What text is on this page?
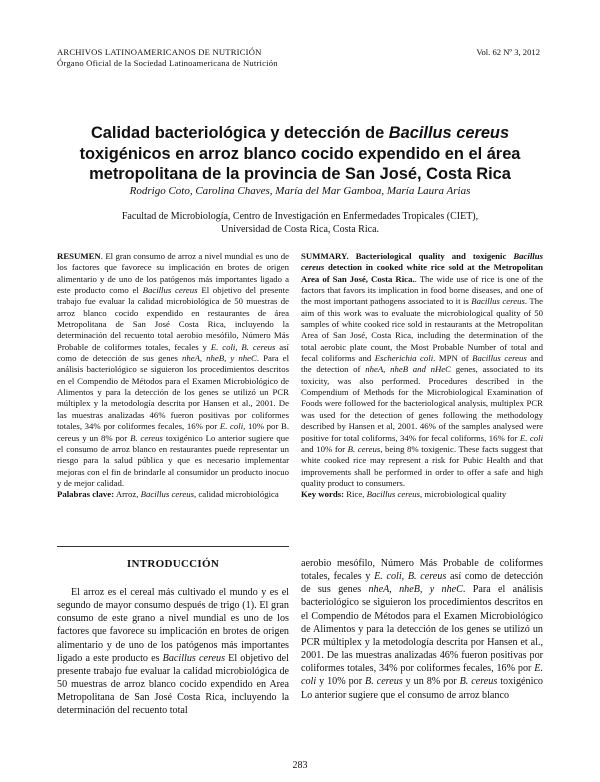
ARCHIVOS LATINOAMERICANOS DE NUTRICIÓN
Órgano Oficial de la Sociedad Latinoamericana de Nutrición
Vol. 62 Nº 3, 2012
Calidad bacteriológica y detección de Bacillus cereus
toxigénicos en arroz blanco cocido expendido en el área metropolitana de la provincia de San José, Costa Rica
Rodrigo Coto, Carolina Chaves, María del Mar Gamboa, María Laura Arias
Facultad de Microbiología, Centro de Investigación en Enfermedades Tropicales (CIET),
Universidad de Costa Rica, Costa Rica.

RESUMEN. El gran consumo de arroz a nivel mundial es uno de los factores que favorece su implicación en brotes de origen alimentario y de uno de los patógenos más importantes ligado a este producto como el Bacillus cereus El objetivo del presente trabajo fue evaluar la calidad microbiológica de 50 muestras de arroz blanco cocido expendido en restaurantes de área Metropolitana de San José Costa Rica, incluyendo la determinación del recuento total aerobio mesófilo, Número Más Probable de coliformes totales, fecales y E. coli, B. cereus así como de detección de sus genes nheA, nheB, y nheC. Para el análisis bacteriológico se siguieron los procedimientos descritos en el Compendio de Métodos para el Examen Microbiológico de Alimentos y para la detección de los genes se utilizó un PCR múltiplex y la metodología descrita por Hansen et al., 2001. De las muestras analizadas 46% fueron positivas por coliformes totales, 34% por coliformes fecales, 16% por E. coli, 10% por B. cereus y un 8% por B. cereus toxigénico Lo anterior sugiere que el consumo de arroz blanco en restaurantes puede representar un riesgo para la salud pública y que es necesario implementar mejoras con el fin de brindarle al consumidor un producto inocuo y de mejor calidad.

Palabras clave: Arroz, Bacillus cereus, calidad microbiológica

SUMMARY. Bacteriological quality and toxigenic Bacillus cereus detection in cooked white rice sold at the Metropolitan Area of San José, Costa Rica.. The wide use of rice is one of the factors that favors its implication in food borne diseases, and one of the most important pathogens associated to it is Bacillus cereus. The aim of this work was to evaluate the microbiological quality of 50 samples of white cooked rice sold in restaurants at the Metropolitan Area of San José, Costa Rica, including the determination of the total aerobic plate count, the Most Probable Number of total and fecal coliforms and Escherichia coli. MPN of Bacillus cereus and the detection of nheA, nheB and nHeC genes, associated to its toxicity, was also performed. Procedures described in the Compendium of Methods for the Microbiological Examination of Foods were followed for the bacteriological analysis, multiplex PCR was used for the detection of genes following the methodology described by Hansen et al, 2001. 46% of the samples analysed were positive for total coliforms, 34% for fecal coliforms, 16% for E. coli and 10% for B. cereus, being 8% toxigenic. These facts suggest that white cooked rice may represent a risk for Pubic Health and that improvements shall be performed in order to offer a safe and high quality product to consumers.

Key words: Rice, Bacillus cereus, microbiological quality

INTRODUCCIÓN

El arroz es el cereal más cultivado el mundo y es el segundo de mayor consumo después de trigo (1). El gran consumo de este grano a nivel mundial es uno de los factores que favorece su implicación en brotes de origen alimentario y de uno de los patógenos más importantes ligado a este producto es Bacillus cereus El objetivo del presente trabajo fue evaluar la calidad microbiológica de 50 muestras de arroz blanco cocido expendido en Area Metropolitana de San José Costa Rica, incluyendo la determinación del recuento total

aerobio mesófilo, Número Más Probable de coliformes totales, fecales y E. coli, B. cereus así como de detección de sus genes nheA, nheB, y nheC. Para el análisis bacteriológico se siguieron los procedimientos descritos en el Compendio de Métodos para el Examen Microbiológico de Alimentos y para la detección de los genes se utilizó un PCR múltiplex y la metodología descrita por Hansen et al., 2001. De las muestras analizadas 46% fueron positivas por coliformes totales, 34% por coliformes fecales, 16% por E. coli y 10% por B. cereus y un 8% por B. cereus toxigénico Lo anterior sugiere que el consumo de arroz blanco

283
